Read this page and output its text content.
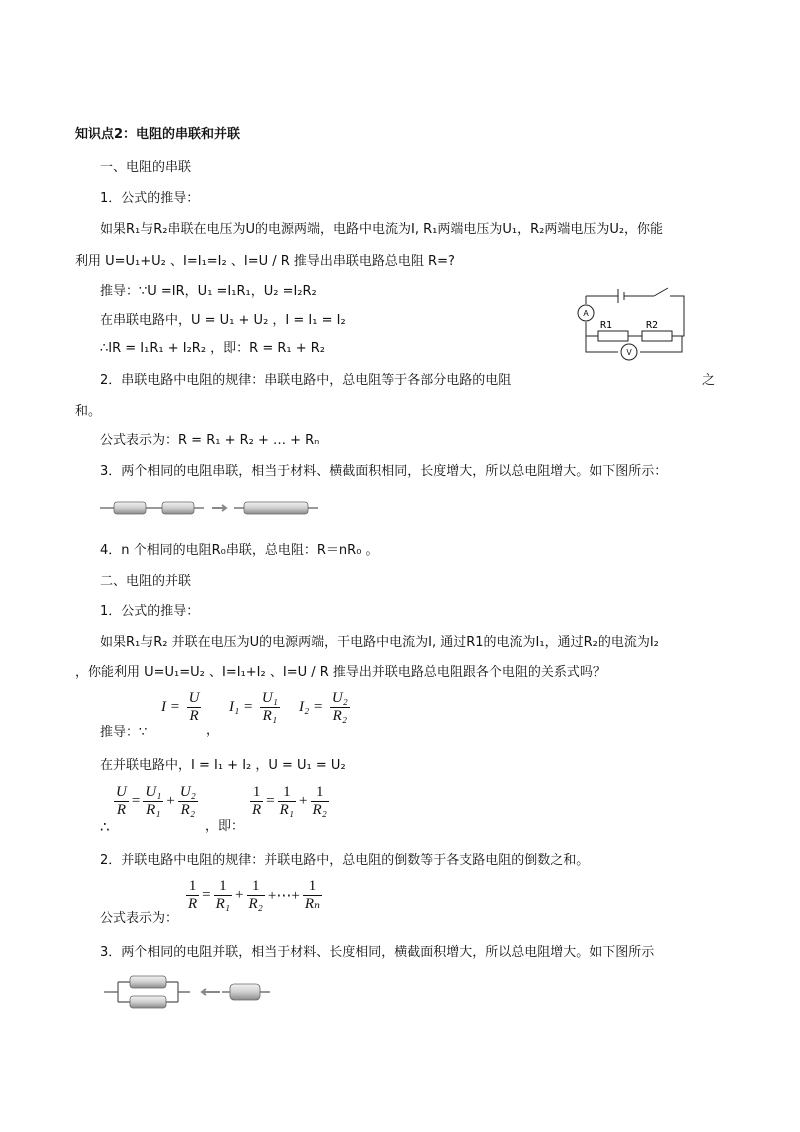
知识点2：电阻的串联和并联
一、电阻的串联
1．公式的推导：
如果R₁与R₂串联在电压为U的电源两端，电路中电流为I, R₁两端电压为U₁，R₂两端电压为U₂，你能
利用 U=U₁+U₂ 、I=I₁=I₂ 、I=U / R 推导出串联电路总电阻 R=?
推导：∵U =IR，U₁ =I₁R₁，U₂ =I₂R₂
在串联电路中，U = U₁ + U₂ ，I = I₁ = I₂
∴IR = I₁R₁ + I₂R₂ ，即：R = R₁ + R₂
A
V
R1	R2
2．串联电路中电阻的规律：串联电路中，总电阻等于各部分电路的电阻	之
和。
公式表示为：R = R₁ + R₂ + … + Rₙ
3．两个相同的电阻串联，相当于材料、横截面积相同，长度增大，所以总电阻增大。如下图所示：
4．n 个相同的电阻R₀串联，总电阻：R＝nR₀ 。
二、电阻的并联
1．公式的推导：
如果R₁与R₂ 并联在电压为U的电源两端，干电路中电流为I, 通过R1的电流为I₁，通过R₂的电流为I₂
，你能利用 U=U₁=U₂ 、I=I₁+I₂ 、I=U / R 推导出并联电路总电阻跟各个电阻的关系式吗？
推导：∵
$I = \frac{U}{R}$
，
$I_1 = \frac{\text{U₁}}{\text{R₁}} I_2 = \frac{\text{U₂}}{\text{R₂}}$
在并联电路中，I = I₁ + I₂ ，U = U₁ = U₂
∴
$\frac{U}{R} = \frac{\text{U₁}}{\text{R₁}} + \frac{\text{U₂}}{\text{R₂}}$
，即：
$\frac{1}{R} = \frac{1}{\text{R₁}} + \frac{1}{\text{R₂}}$
2．并联电路中电阻的规律：并联电路中，总电阻的倒数等于各支路电阻的倒数之和。
公式表示为：
$\frac{1}{R} = \frac{1}{\text{R₁}} + \frac{1}{\text{R₂}}$ +⋯+ $\frac{1}{\text{Rₙ}}$
3．两个相同的电阻并联，相当于材料、长度相同，横截面积增大，所以总电阻增大。如下图所示
